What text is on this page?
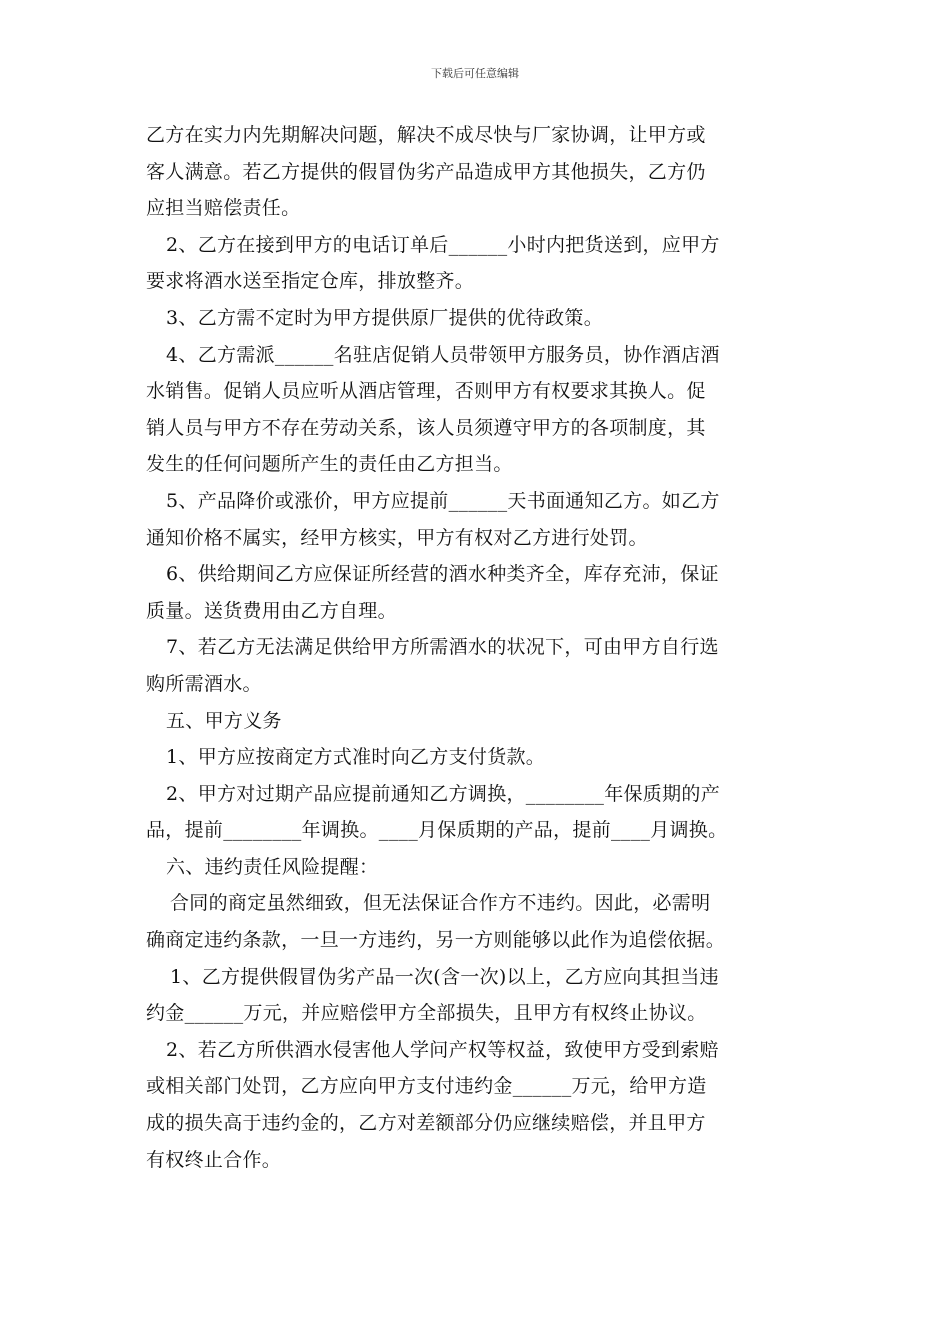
下载后可任意编辑
乙方在实力内先期解决问题，解决不成尽快与厂家协调，让甲方或
客人满意。若乙方提供的假冒伪劣产品造成甲方其他损失，乙方仍
应担当赔偿责任。
2、乙方在接到甲方的电话订单后______小时内把货送到，应甲方
要求将酒水送至指定仓库，排放整齐。
3、乙方需不定时为甲方提供原厂提供的优待政策。
4、乙方需派______名驻店促销人员带领甲方服务员，协作酒店酒
水销售。促销人员应听从酒店管理，否则甲方有权要求其换人。促
销人员与甲方不存在劳动关系，该人员须遵守甲方的各项制度，其
发生的任何问题所产生的责任由乙方担当。
5、产品降价或涨价，甲方应提前______天书面通知乙方。如乙方
通知价格不属实，经甲方核实，甲方有权对乙方进行处罚。
6、供给期间乙方应保证所经营的酒水种类齐全，库存充沛，保证
质量。送货费用由乙方自理。
7、若乙方无法满足供给甲方所需酒水的状况下，可由甲方自行选
购所需酒水。
五、甲方义务
1、甲方应按商定方式准时向乙方支付货款。
2、甲方对过期产品应提前通知乙方调换，________年保质期的产
品，提前________年调换。____月保质期的产品，提前____月调换。
六、违约责任风险提醒：
合同的商定虽然细致，但无法保证合作方不违约。因此，必需明
确商定违约条款，一旦一方违约，另一方则能够以此作为追偿依据。
1、乙方提供假冒伪劣产品一次(含一次)以上，乙方应向其担当违
约金______万元，并应赔偿甲方全部损失，且甲方有权终止协议。
2、若乙方所供酒水侵害他人学问产权等权益，致使甲方受到索赔
或相关部门处罚，乙方应向甲方支付违约金______万元，给甲方造
成的损失高于违约金的，乙方对差额部分仍应继续赔偿，并且甲方
有权终止合作。
